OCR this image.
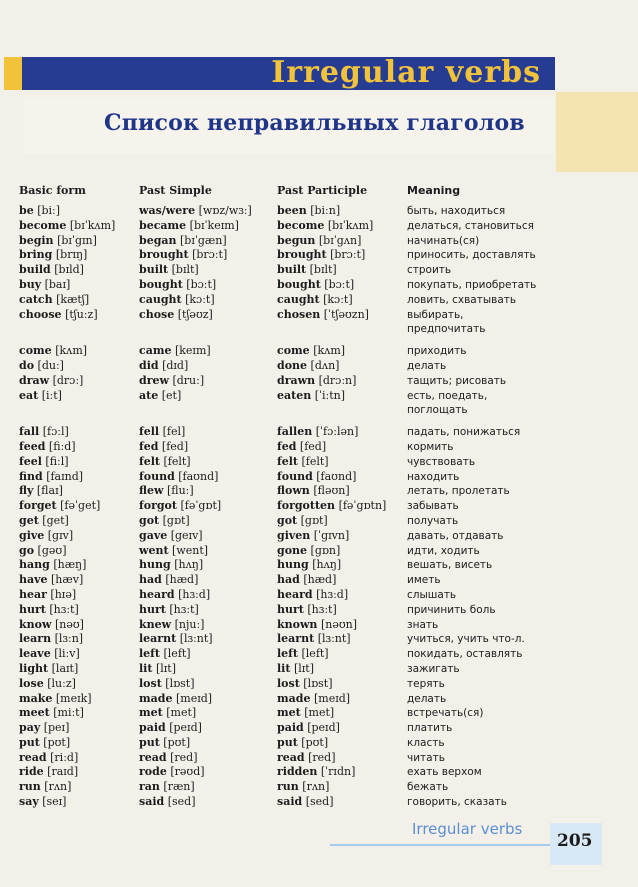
Irregular verbs
Список неправильных глаголов
Basic form	Past Simple	Past Participle	Meaning
be [biː]	was/were [wɒz/wɜː]	been [biːn]	быть, находиться
become [bɪˈkʌm]	became [bɪˈkeɪm]	become [bɪˈkʌm]	делаться, становиться
begin [bɪˈgɪn]	began [bɪˈgæn]	begun [bɪˈgʌn]	начинать(ся)
bring [brɪŋ]	brought [brɔːt]	brought [brɔːt]	приносить, доставлять
build [bɪld]	built [bɪlt]	built [bɪlt]	строить
buy [baɪ]	bought [bɔːt]	bought [bɔːt]	покупать, приобретать
catch [kætʃ]	caught [kɔːt]	caught [kɔːt]	ловить, схватывать
choose [tʃuːz]	chose [tʃəʊz]	chosen [ˈtʃəʊzn]	выбирать,
			предпочитать

come [kʌm]	came [keɪm]	come [kʌm]	приходить
do [duː]	did [dɪd]	done [dʌn]	делать
draw [drɔː]	drew [druː]	drawn [drɔːn]	тащить; рисовать
eat [iːt]	ate [et]	eaten [ˈiːtn]	есть, поедать,
			поглощать

fall [fɔːl]	fell [fel]	fallen [ˈfɔːlən]	падать, понижаться
feed [fiːd]	fed [fed]	fed [fed]	кормить
feel [fiːl]	felt [felt]	felt [felt]	чувствовать
find [faɪnd]	found [faʊnd]	found [faʊnd]	находить
fly [flaɪ]	flew [fluː]	flown [fləʊn]	летать, пролетать
forget [fəˈget]	forgot [fəˈgɒt]	forgotten [fəˈgɒtn]	забывать
get [get]	got [gɒt]	got [gɒt]	получать
give [gɪv]	gave [geɪv]	given [ˈgɪvn]	давать, отдавать
go [gəʊ]	went [went]	gone [gɒn]	идти, ходить
hang [hæŋ]	hung [hʌŋ]	hung [hʌŋ]	вешать, висеть
have [hæv]	had [hæd]	had [hæd]	иметь
hear [hɪə]	heard [hɜːd]	heard [hɜːd]	слышать
hurt [hɜːt]	hurt [hɜːt]	hurt [hɜːt]	причинить боль
know [nəʊ]	knew [njuː]	known [nəʊn]	знать
learn [lɜːn]	learnt [lɜːnt]	learnt [lɜːnt]	учиться, учить что-л.
leave [liːv]	left [left]	left [left]	покидать, оставлять
light [laɪt]	lit [lɪt]	lit [lɪt]	зажигать
lose [luːz]	lost [lɒst]	lost [lɒst]	терять
make [meɪk]	made [meɪd]	made [meɪd]	делать
meet [miːt]	met [met]	met [met]	встречать(ся)
pay [peɪ]	paid [peɪd]	paid [peɪd]	платить
put [pʊt]	put [pʊt]	put [pʊt]	класть
read [riːd]	read [red]	read [red]	читать
ride [raɪd]	rode [rəʊd]	ridden [ˈrɪdn]	ехать верхом
run [rʌn]	ran [ræn]	run [rʌn]	бежать
say [seɪ]	said [sed]	said [sed]	говорить, сказать
Irregular verbs
205
